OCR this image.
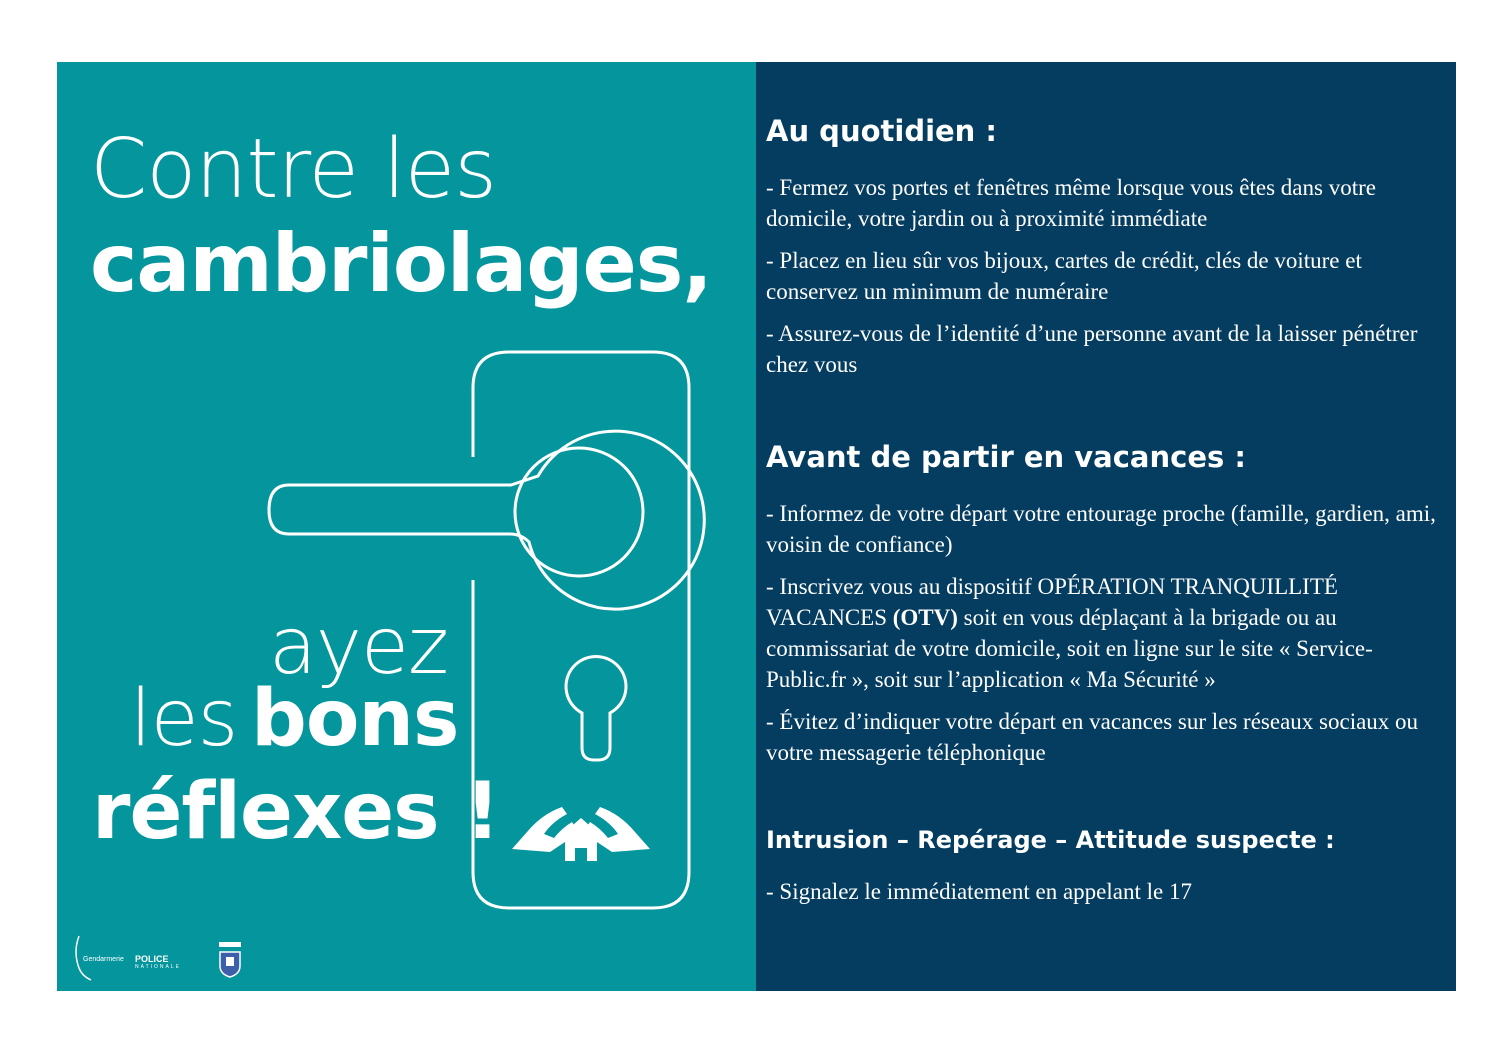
Contre les
cambriolages,
ayez
les bons
réflexes !
Gendarmerie POLICE
NATIONALE
Au quotidien :

- Fermez vos portes et fenêtres même lorsque vous êtes dans votre domicile, votre jardin ou à proximité immédiate

- Placez en lieu sûr vos bijoux, cartes de crédit, clés de voiture et conservez un minimum de numéraire

- Assurez-vous de l’identité d’une personne avant de la laisser pénétrer chez vous

Avant de partir en vacances :

- Informez de votre départ votre entourage proche (famille, gardien, ami, voisin de confiance)

- Inscrivez vous au dispositif OPÉRATION TRANQUILLITÉ VACANCES (OTV) soit en vous déplaçant à la brigade ou au commissariat de votre domicile, soit en ligne sur le site « Service-Public.fr », soit sur l’application « Ma Sécurité »

- Évitez d’indiquer votre départ en vacances sur les réseaux sociaux ou votre messagerie téléphonique

Intrusion – Repérage – Attitude suspecte :

- Signalez le immédiatement en appelant le 17
